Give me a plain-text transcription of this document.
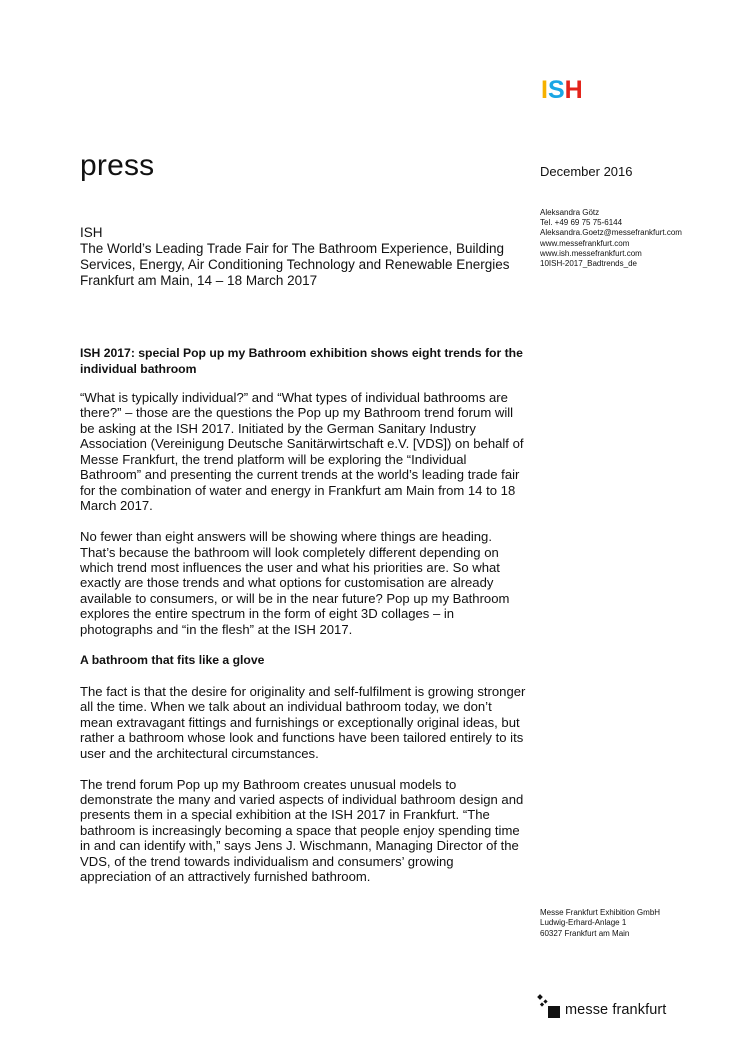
ISH
press	December 2016
Aleksandra Götz
Tel. +49 69 75 75-6144
Aleksandra.Goetz@messefrankfurt.com
www.messefrankfurt.com
www.ish.messefrankfurt.com
10ISH-2017_Badtrends_de
ISH
The World’s Leading Trade Fair for The Bathroom Experience, Building
Services, Energy, Air Conditioning Technology and Renewable Energies
Frankfurt am Main, 14 – 18 March 2017
ISH 2017: special Pop up my Bathroom exhibition shows eight trends for the individual bathroom

“What is typically individual?” and “What types of individual bathrooms are there?” – those are the questions the Pop up my Bathroom trend forum will be asking at the ISH 2017. Initiated by the German Sanitary Industry Association (Vereinigung Deutsche Sanitärwirtschaft e.V. [VDS]) on behalf of Messe Frankfurt, the trend platform will be exploring the “Individual Bathroom” and presenting the current trends at the world’s leading trade fair for the combination of water and energy in Frankfurt am Main from 14 to 18 March 2017.

No fewer than eight answers will be showing where things are heading. That’s because the bathroom will look completely different depending on which trend most influences the user and what his priorities are. So what exactly are those trends and what options for customisation are already available to consumers, or will be in the near future? Pop up my Bathroom explores the entire spectrum in the form of eight 3D collages – in photographs and “in the flesh” at the ISH 2017.

A bathroom that fits like a glove

The fact is that the desire for originality and self-fulfilment is growing stronger all the time. When we talk about an individual bathroom today, we don’t mean extravagant fittings and furnishings or exceptionally original ideas, but rather a bathroom whose look and functions have been tailored entirely to its user and the architectural circumstances.

The trend forum Pop up my Bathroom creates unusual models to demonstrate the many and varied aspects of individual bathroom design and presents them in a special exhibition at the ISH 2017 in Frankfurt. “The bathroom is increasingly becoming a space that people enjoy spending time in and can identify with,” says Jens J. Wischmann, Managing Director of the VDS, of the trend towards individualism and consumers’ growing appreciation of an attractively furnished bathroom.

Messe Frankfurt Exhibition GmbH
Ludwig-Erhard-Anlage 1
60327 Frankfurt am Main
messe frankfurt
